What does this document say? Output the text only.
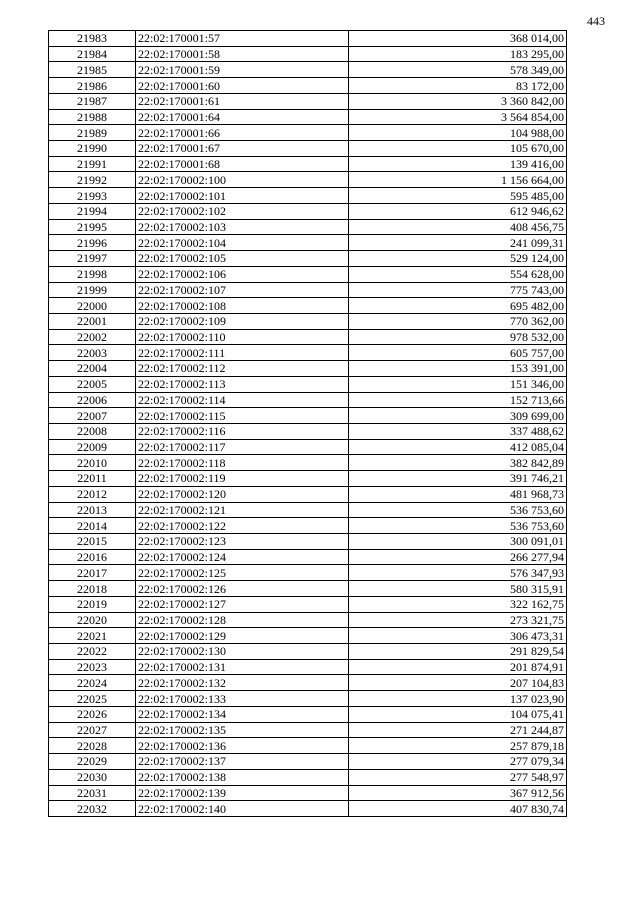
443
21983	22:02:170001:57	368 014,00
21984	22:02:170001:58	183 295,00
21985	22:02:170001:59	578 349,00
21986	22:02:170001:60	83 172,00
21987	22:02:170001:61	3 360 842,00
21988	22:02:170001:64	3 564 854,00
21989	22:02:170001:66	104 988,00
21990	22:02:170001:67	105 670,00
21991	22:02:170001:68	139 416,00
21992	22:02:170002:100	1 156 664,00
21993	22:02:170002:101	595 485,00
21994	22:02:170002:102	612 946,62
21995	22:02:170002:103	408 456,75
21996	22:02:170002:104	241 099,31
21997	22:02:170002:105	529 124,00
21998	22:02:170002:106	554 628,00
21999	22:02:170002:107	775 743,00
22000	22:02:170002:108	695 482,00
22001	22:02:170002:109	770 362,00
22002	22:02:170002:110	978 532,00
22003	22:02:170002:111	605 757,00
22004	22:02:170002:112	153 391,00
22005	22:02:170002:113	151 346,00
22006	22:02:170002:114	152 713,66
22007	22:02:170002:115	309 699,00
22008	22:02:170002:116	337 488,62
22009	22:02:170002:117	412 085,04
22010	22:02:170002:118	382 842,89
22011	22:02:170002:119	391 746,21
22012	22:02:170002:120	481 968,73
22013	22:02:170002:121	536 753,60
22014	22:02:170002:122	536 753,60
22015	22:02:170002:123	300 091,01
22016	22:02:170002:124	266 277,94
22017	22:02:170002:125	576 347,93
22018	22:02:170002:126	580 315,91
22019	22:02:170002:127	322 162,75
22020	22:02:170002:128	273 321,75
22021	22:02:170002:129	306 473,31
22022	22:02:170002:130	291 829,54
22023	22:02:170002:131	201 874,91
22024	22:02:170002:132	207 104,83
22025	22:02:170002:133	137 023,90
22026	22:02:170002:134	104 075,41
22027	22:02:170002:135	271 244,87
22028	22:02:170002:136	257 879,18
22029	22:02:170002:137	277 079,34
22030	22:02:170002:138	277 548,97
22031	22:02:170002:139	367 912,56
22032	22:02:170002:140	407 830,74
